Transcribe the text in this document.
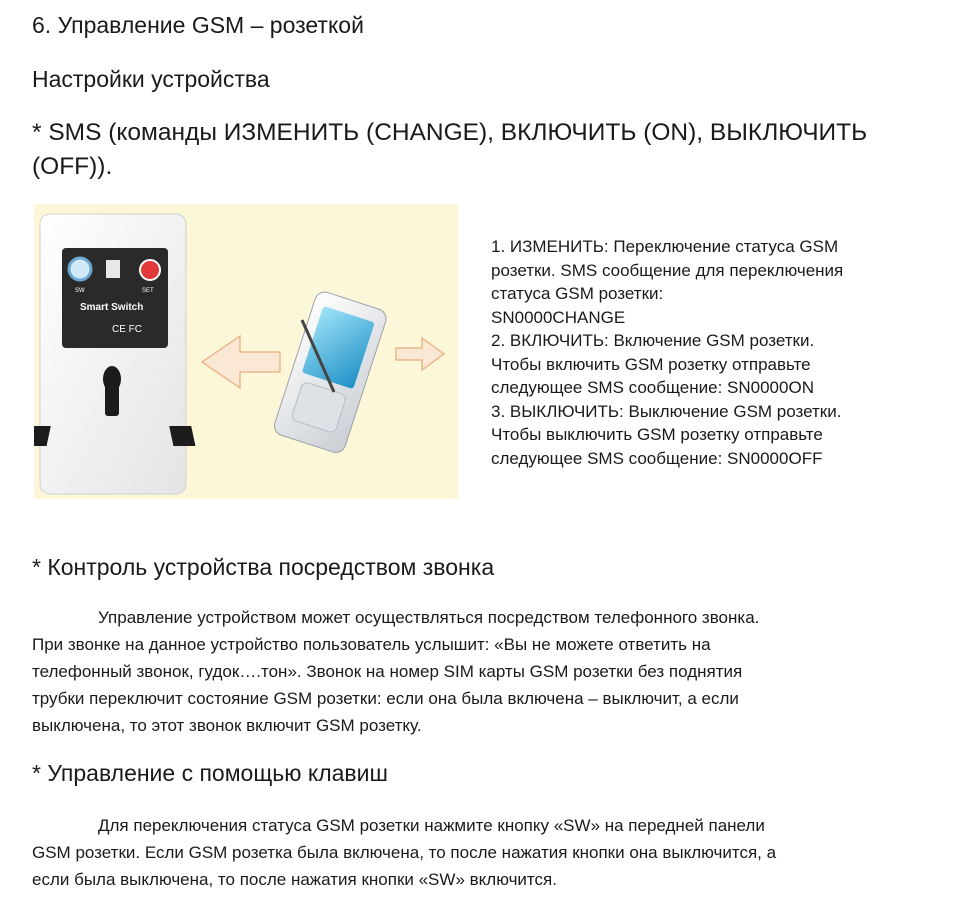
6. Управление GSM – розеткой
Настройки устройства
* SMS (команды ИЗМЕНИТЬ (CHANGE), ВКЛЮЧИТЬ (ON), ВЫКЛЮЧИТЬ (OFF)).
SW	SET
Smart Switch
CE FC
1. ИЗМЕНИТЬ: Переключение статуса GSM
розетки. SMS сообщение для переключения
статуса GSM розетки:
SN0000CHANGE
2. ВКЛЮЧИТЬ: Включение GSM розетки.
Чтобы включить GSM розетку отправьте
следующее SMS сообщение: SN0000ON
3. ВЫКЛЮЧИТЬ: Выключение GSM розетки.
Чтобы выключить GSM розетку отправьте
следующее SMS сообщение: SN0000OFF
* Контроль устройства посредством звонка
Управление устройством может осуществляться посредством телефонного звонка.
При звонке на данное устройство пользователь услышит: «Вы не можете ответить на
телефонный звонок, гудок….тон». Звонок на номер SIM карты GSM розетки без поднятия
трубки переключит состояние GSM розетки: если она была включена – выключит, а если
выключена, то этот звонок включит GSM розетку.
* Управление с помощью клавиш
Для переключения статуса GSM розетки нажмите кнопку «SW» на передней панели
GSM розетки. Если GSM розетка была включена, то после нажатия кнопки она выключится, а
если была выключена, то после нажатия кнопки «SW» включится.
